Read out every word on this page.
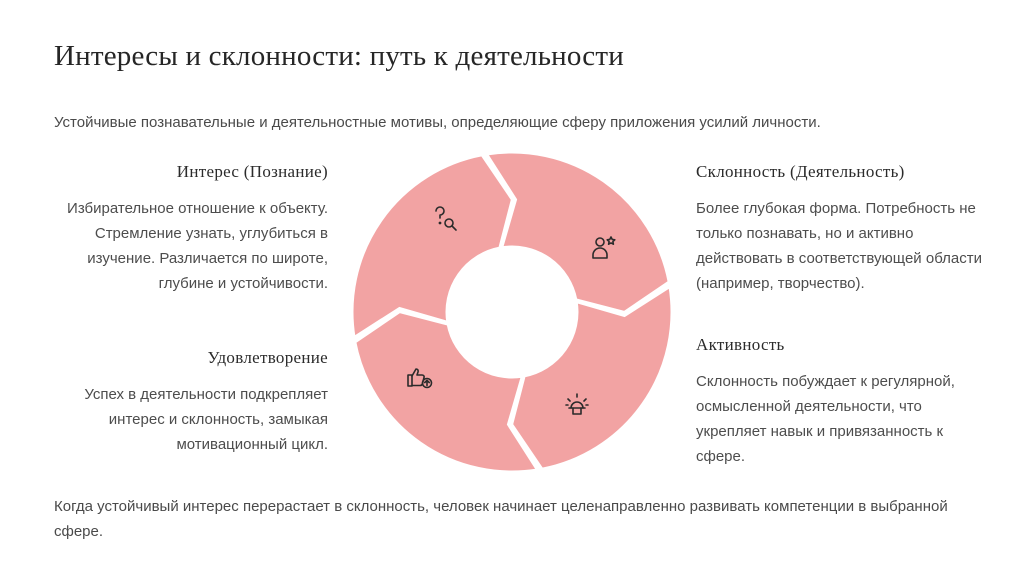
Интересы и склонности: путь к деятельности

Устойчивые познавательные и деятельностные мотивы, определяющие сферу приложения усилий личности.

Интерес (Познание)

Избирательное отношение к объекту. Стремление узнать, углубиться в изучение. Различается по широте, глубине и устойчивости.

Удовлетворение

Успех в деятельности подкрепляет интерес и склонность, замыкая мотивационный цикл.

Склонность (Деятельность)

Более глубокая форма. Потребность не только познавать, но и активно действовать в соответствующей области (например, творчество).

Активность

Склонность побуждает к регулярной, осмысленной деятельности, что укрепляет навык и привязанность к сфере.

Когда устойчивый интерес перерастает в склонность, человек начинает целенаправленно развивать компетенции в выбранной сфере.
